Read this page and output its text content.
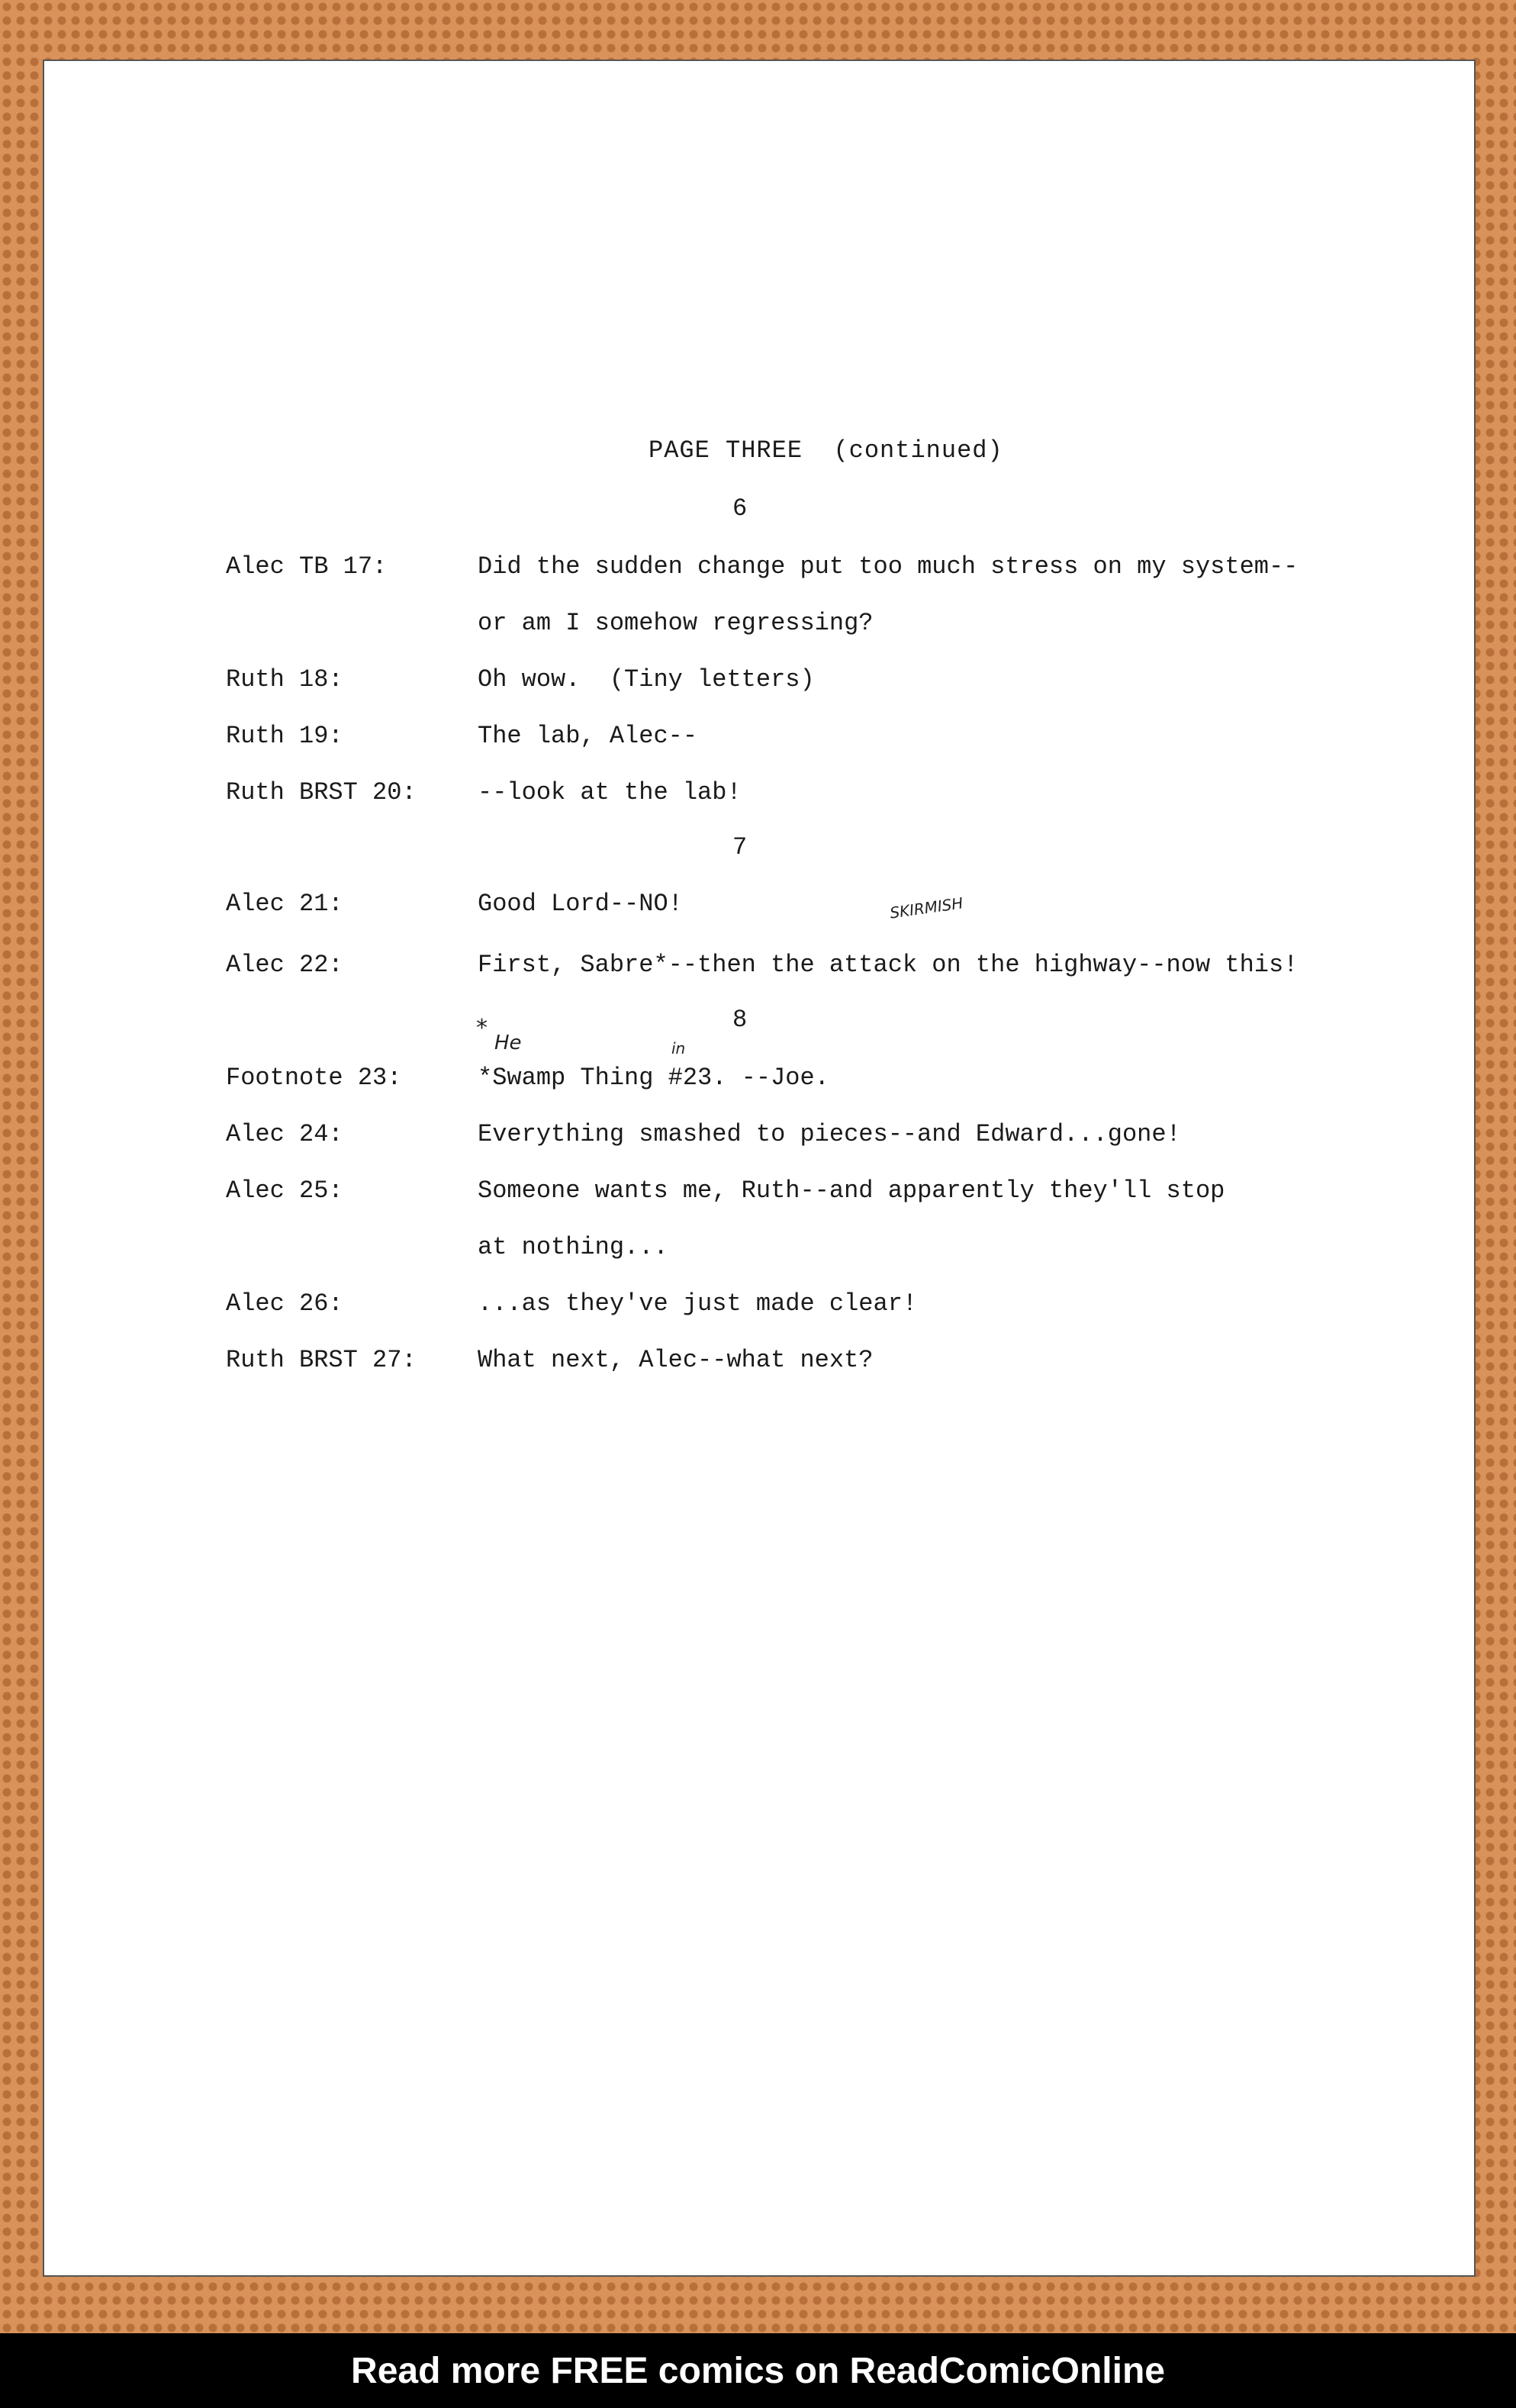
PAGE THREE  (continued)
6
7
8
SKIRMISH
*
He	in
Alec TB 17:	Did the sudden change put too much stress on my system--
or am I somehow regressing?
Ruth 18:	Oh wow.  (Tiny letters)
Ruth 19:	The lab, Alec--
Ruth BRST 20:	--look at the lab!
Alec 21:	Good Lord--NO!
Alec 22:	First, Sabre*--then the attack on the highway--now this!
Footnote 23:	*Swamp Thing #23. --Joe.
Alec 24:	Everything smashed to pieces--and Edward...gone!
Alec 25:	Someone wants me, Ruth--and apparently they'll stop
at nothing...
Alec 26:	...as they've just made clear!
Ruth BRST 27:	What next, Alec--what next?
Read more FREE comics on ReadComicOnline
